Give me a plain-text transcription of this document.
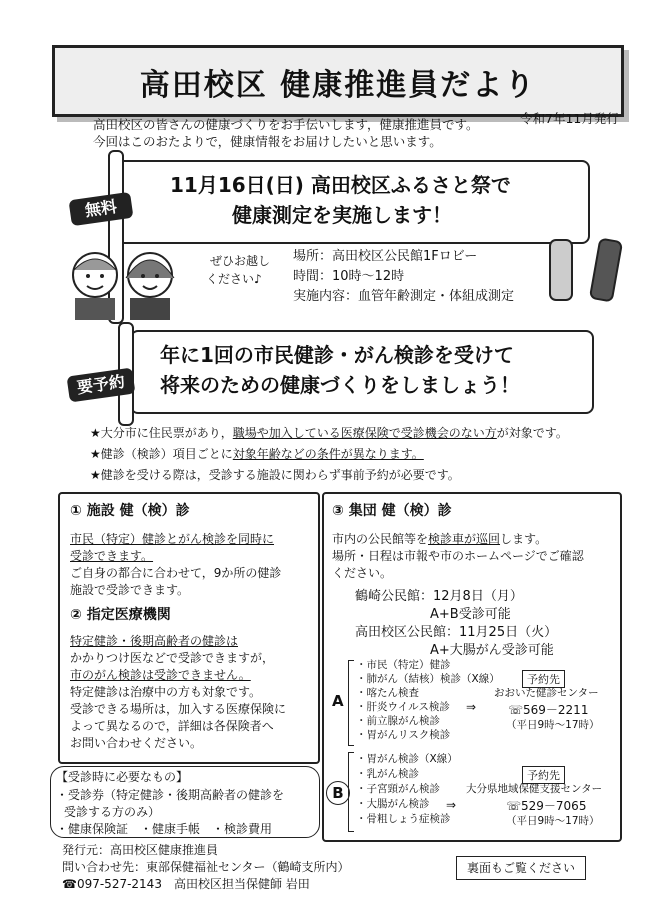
高田校区 健康推進員だより
高田校区の皆さんの健康づくりをお手伝いします，健康推進員です。
今回はこのおたよりで，健康情報をお届けしたいと思います。
令和7年11月発行
11月16日(日) 高田校区ふるさと祭で
健康測定を実施します！
無料
ぜひお越し
ください♪
場所：高田校区公民館1Fロビー
時間：10時～12時
実施内容：血管年齢測定・体組成測定
年に1回の市民健診・がん検診を受けて
将来のための健康づくりをしましょう！
要予約
★大分市に住民票があり，職場や加入している医療保険で受診機会のない方が対象です。
★健診（検診）項目ごとに対象年齢などの条件が異なります。
★健診を受ける際は，受診する施設に関わらず事前予約が必要です。
① 施設 健（検）診
市民（特定）健診とがん検診を同時に
受診できます。
ご自身の都合に合わせて，9か所の健診
施設で受診できます。
② 指定医療機関
特定健診・後期高齢者の健診は
かかりつけ医などで受診できますが，
市のがん検診は受診できません。
特定健診は治療中の方も対象です。
受診できる場所は，加入する医療保険に
よって異なるので，詳細は各保険者へ
お問い合わせください。
【受診時に必要なもの】
・受診券（特定健診・後期高齢者の健診を
受診する方のみ）
・健康保険証　・健康手帳　・検診費用
③ 集団 健（検）診
市内の公民館等を検診車が巡回します。
場所・日程は市報や市のホームページでご確認
ください。
鶴崎公民館：12月8日（月）
A+B受診可能
高田校区公民館：11月25日（火）
A+大腸がん受診可能
A
・市民（特定）健診
・肺がん（結核）検診（X線）
・喀たん検査
・肝炎ウイルス検診
・前立腺がん検診
・胃がんリスク検診
⇒
予約先
おおいた健診センター
☏569－2211
（平日9時～17時）
B
・胃がん検診（X線）
・乳がん検診
・子宮頸がん検診
・大腸がん検診
・骨粗しょう症検診
⇒
予約先
大分県地域保健支援センター
☏529－7065
（平日9時～17時）
発行元：高田校区健康推進員
問い合わせ先：東部保健福祉センター（鶴崎支所内）
☎097-527-2143　高田校区担当保健師 岩田
裏面もご覧ください
